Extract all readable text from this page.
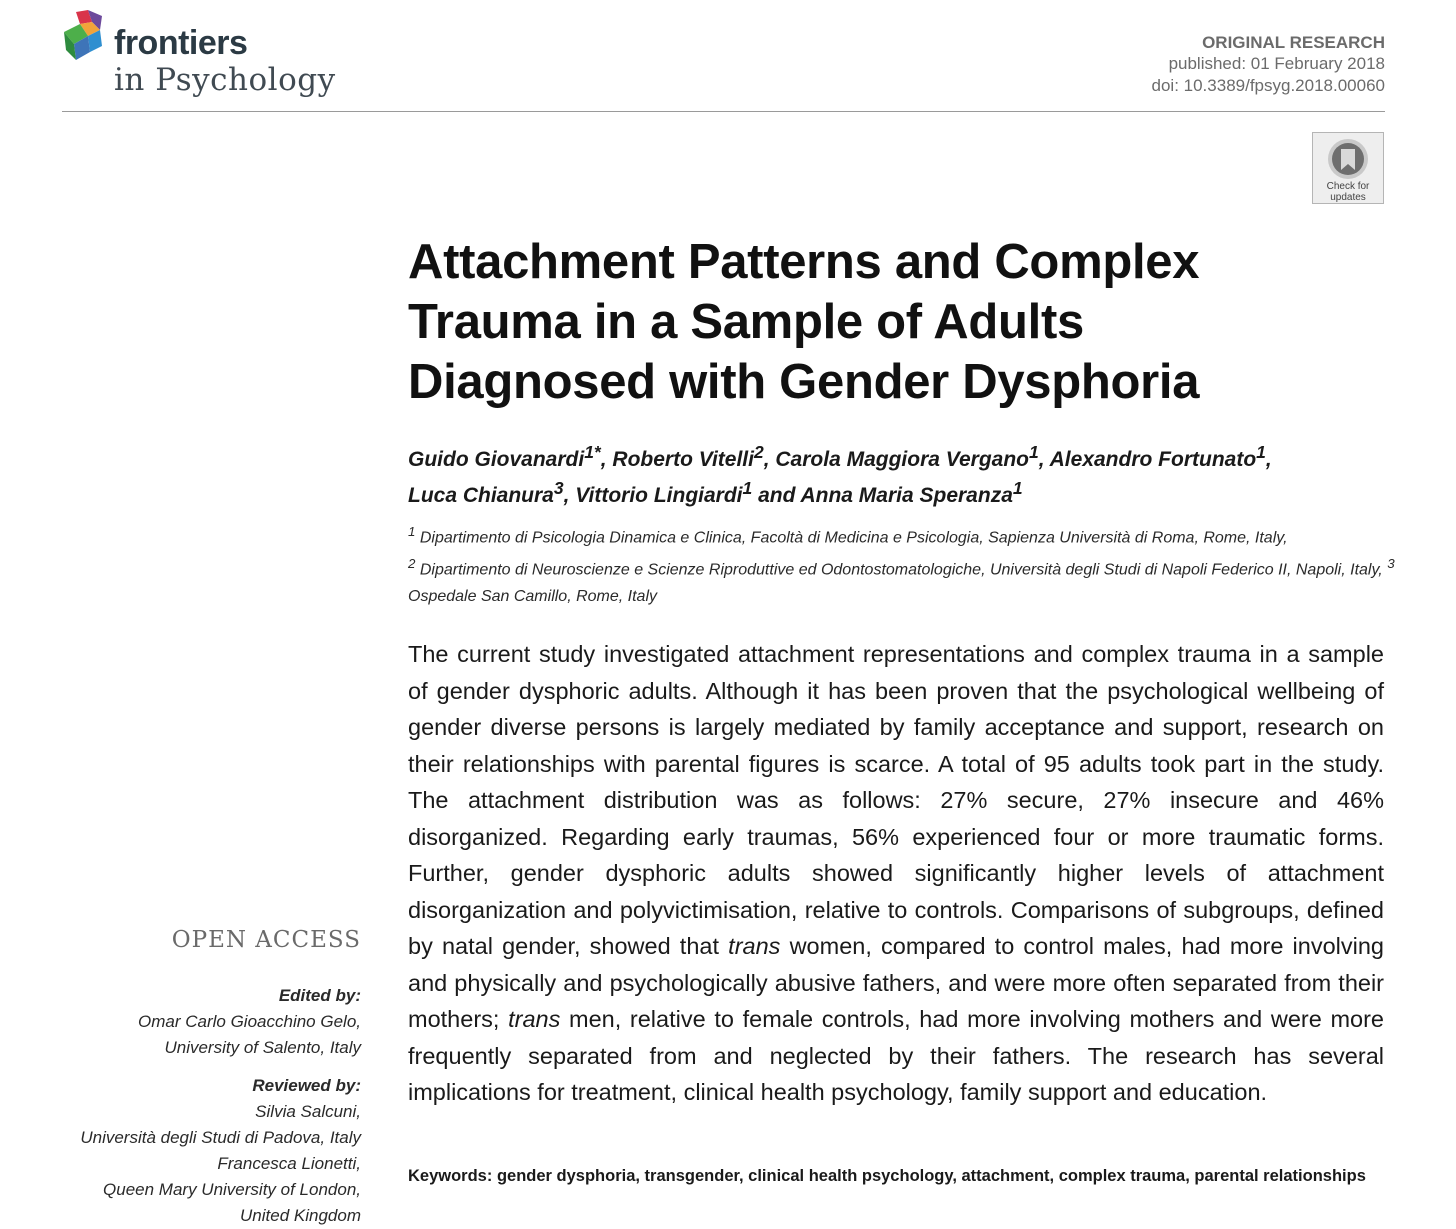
frontiers
in Psychology
ORIGINAL RESEARCH
published: 01 February 2018
doi: 10.3389/fpsyg.2018.00060
Check for
updates
Attachment Patterns and Complex
Trauma in a Sample of Adults
Diagnosed with Gender Dysphoria
Guido Giovanardi$^{1*}$, Roberto Vitelli$^2$, Carola Maggiora Vergano$^1$, Alexandro Fortunato$^1$,
Luca Chianura$^3$, Vittorio Lingiardi$^1$ and Anna Maria Speranza$^1$
$^1$ Dipartimento di Psicologia Dinamica e Clinica, Facoltà di Medicina e Psicologia, Sapienza Università di Roma, Rome, Italy,
$^2$ Dipartimento di Neuroscienze e Scienze Riproduttive ed Odontostomatologiche, Università degli Studi di Napoli Federico II, Napoli, Italy, $^3$ Ospedale San Camillo, Rome, Italy

The current study investigated attachment representations and complex trauma in a sample of gender dysphoric adults. Although it has been proven that the psychological wellbeing of gender diverse persons is largely mediated by family acceptance and support, research on their relationships with parental figures is scarce. A total of 95 adults took part in the study. The attachment distribution was as follows: 27% secure, 27% insecure and 46% disorganized. Regarding early traumas, 56% experienced four or more traumatic forms. Further, gender dysphoric adults showed significantly higher levels of attachment disorganization and polyvictimisation, relative to controls. Comparisons of subgroups, defined by natal gender, showed that trans women, compared to control males, had more involving and physically and psychologically abusive fathers, and were more often separated from their mothers; trans men, relative to female controls, had more involving mothers and were more frequently separated from and neglected by their fathers. The research has several implications for treatment, clinical health psychology, family support and education.

Keywords: gender dysphoria, transgender, clinical health psychology, attachment, complex trauma, parental relationships

OPEN ACCESS
Edited by:
Omar Carlo Gioacchino Gelo,
University of Salento, Italy
Reviewed by:
Silvia Salcuni,
Università degli Studi di Padova, Italy
Francesca Lionetti,
Queen Mary University of London,
United Kingdom
